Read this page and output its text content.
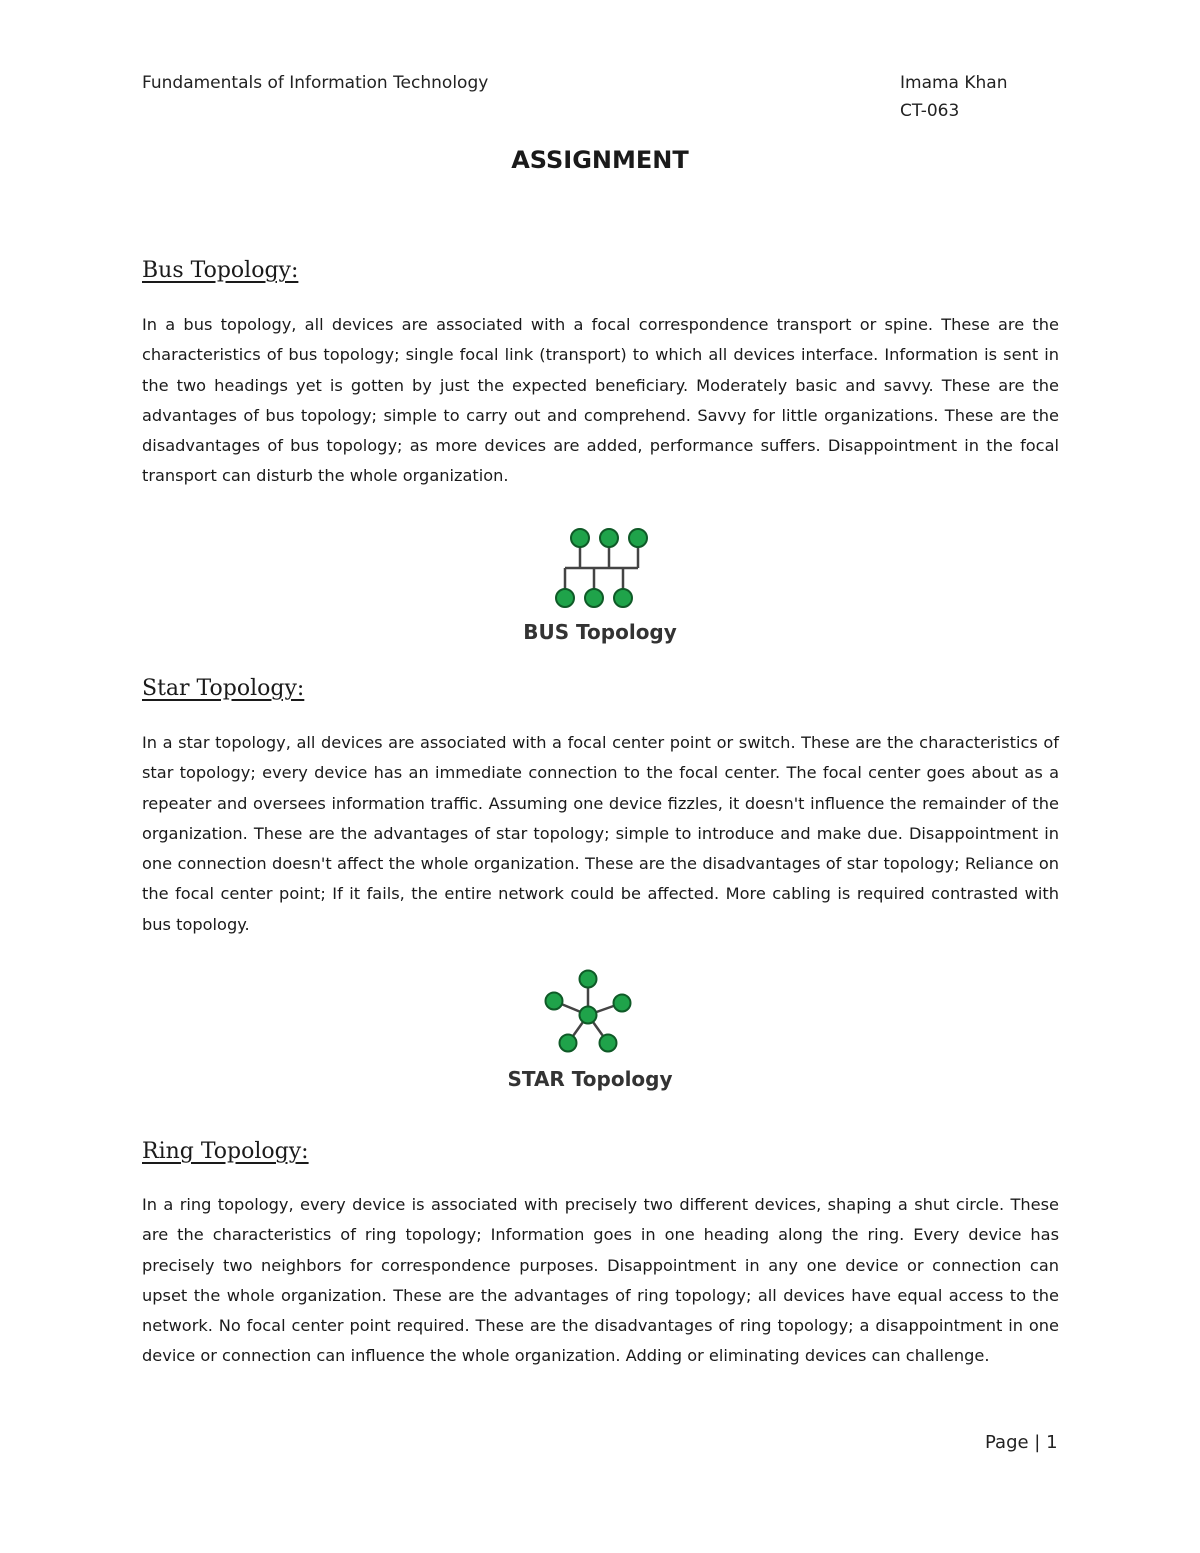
Fundamentals of Information Technology	Imama Khan
CT-063
ASSIGNMENT
Bus Topology:

In a bus topology, all devices are associated with a focal correspondence transport or spine. These are the characteristics of bus topology; single focal link (transport) to which all devices interface. Information is sent in the two headings yet is gotten by just the expected beneficiary. Moderately basic and savvy. These are the advantages of bus topology; simple to carry out and comprehend. Savvy for little organizations. These are the disadvantages of bus topology; as more devices are added, performance suffers. Disappointment in the focal transport can disturb the whole organization.

BUS Topology
Star Topology:

In a star topology, all devices are associated with a focal center point or switch. These are the characteristics of star topology; every device has an immediate connection to the focal center. The focal center goes about as a repeater and oversees information traffic. Assuming one device fizzles, it doesn't influence the remainder of the organization. These are the advantages of star topology; simple to introduce and make due. Disappointment in one connection doesn't affect the whole organization. These are the disadvantages of star topology; Reliance on the focal center point; If it fails, the entire network could be affected. More cabling is required contrasted with bus topology.

STAR Topology
Ring Topology:

In a ring topology, every device is associated with precisely two different devices, shaping a shut circle. These are the characteristics of ring topology; Information goes in one heading along the ring. Every device has precisely two neighbors for correspondence purposes. Disappointment in any one device or connection can upset the whole organization. These are the advantages of ring topology; all devices have equal access to the network. No focal center point required. These are the disadvantages of ring topology; a disappointment in one device or connection can influence the whole organization. Adding or eliminating devices can challenge.

Page | 1
